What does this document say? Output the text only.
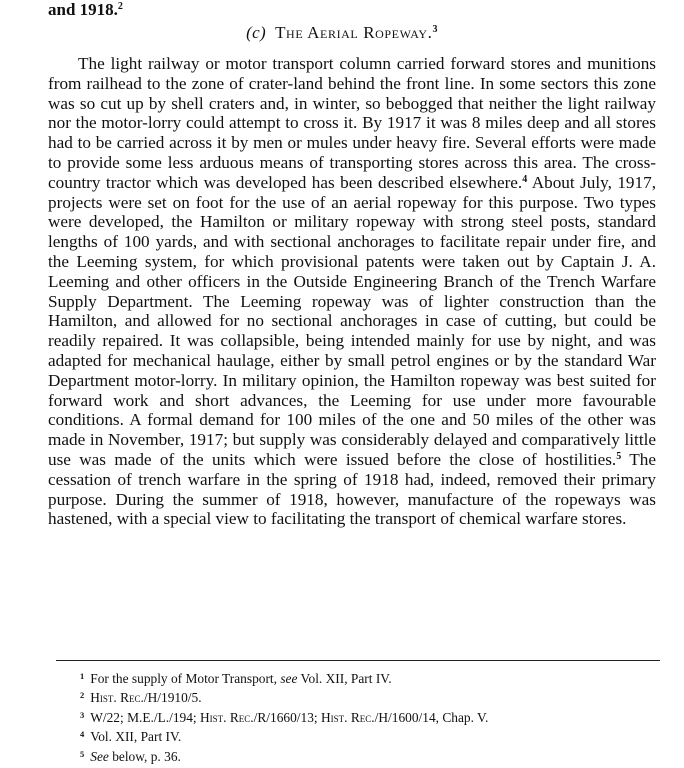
and 1918.$^2$
(c) The Aerial Ropeway.$^3$

The light railway or motor transport column carried forward stores and munitions from railhead to the zone of crater-land behind the front line. In some sectors this zone was so cut up by shell craters and, in winter, so bebogged that neither the light railway nor the motor-lorry could attempt to cross it. By 1917 it was 8 miles deep and all stores had to be carried across it by men or mules under heavy fire. Several efforts were made to provide some less arduous means of transporting stores across this area. The cross-country tractor which was developed has been described elsewhere.$^4$ About July, 1917, projects were set on foot for the use of an aerial ropeway for this purpose. Two types were developed, the Hamilton or military ropeway with strong steel posts, standard lengths of 100 yards, and with sectional anchorages to facilitate repair under fire, and the Leeming system, for which provisional patents were taken out by Captain J. A. Leeming and other officers in the Outside Engineering Branch of the Trench Warfare Supply Department. The Leeming ropeway was of lighter construction than the Hamilton, and allowed for no sectional anchorages in case of cutting, but could be readily repaired. It was collapsible, being intended mainly for use by night, and was adapted for mechanical haulage, either by small petrol engines or by the standard War Department motor-lorry. In military opinion, the Hamilton ropeway was best suited for forward work and short advances, the Leeming for use under more favourable conditions. A formal demand for 100 miles of the one and 50 miles of the other was made in November, 1917; but supply was considerably delayed and comparatively little use was made of the units which were issued before the close of hostilities.$^5$ The cessation of trench warfare in the spring of 1918 had, indeed, removed their primary purpose. During the summer of 1918, however, manufacture of the ropeways was hastened, with a special view to facilitating the transport of chemical warfare stores.

$^1$ For the supply of Motor Transport, see Vol. XII, Part IV.
$^2$ Hist. Rec./H/1910/5.
$^3$ W/22; M.E./L./194; Hist. Rec./R/1660/13; Hist. Rec./H/1600/14, Chap. V.
$^4$ Vol. XII, Part IV.
$^5$ See below, p. 36.
